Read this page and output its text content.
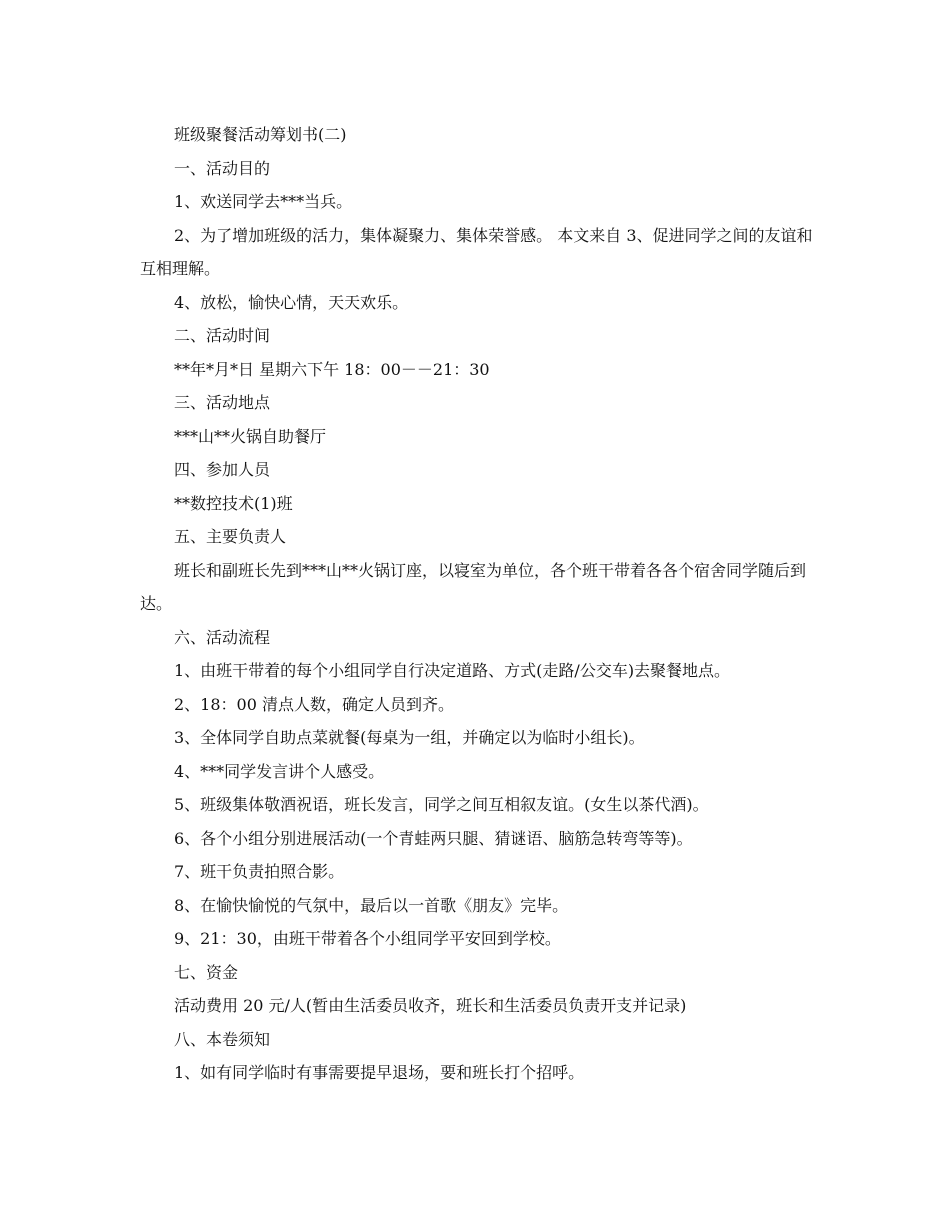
班级聚餐活动筹划书(二)
一、活动目的
1、欢送同学去***当兵。
2、为了增加班级的活力，集体凝聚力、集体荣誉感。 本文来自 3、促进同学之间的友谊和互相理解。
4、放松，愉快心情，天天欢乐。
二、活动时间
**年*月*日 星期六下午 18：00－－21：30
三、活动地点
***山**火锅自助餐厅
四、参加人员
**数控技术(1)班
五、主要负责人
班长和副班长先到***山**火锅订座，以寝室为单位，各个班干带着各各个宿舍同学随后到达。
六、活动流程
1、由班干带着的每个小组同学自行决定道路、方式(走路/公交车)去聚餐地点。
2、18：00 清点人数，确定人员到齐。
3、全体同学自助点菜就餐(每桌为一组，并确定以为临时小组长)。
4、***同学发言讲个人感受。
5、班级集体敬酒祝语，班长发言，同学之间互相叙友谊。(女生以茶代酒)。
6、各个小组分别进展活动(一个青蛙两只腿、猜谜语、脑筋急转弯等等)。
7、班干负责拍照合影。
8、在愉快愉悦的气氛中，最后以一首歌《朋友》完毕。
9、21：30，由班干带着各个小组同学平安回到学校。
七、资金
活动费用 20 元/人(暂由生活委员收齐，班长和生活委员负责开支并记录)
八、本卷须知
1、如有同学临时有事需要提早退场，要和班长打个招呼。
